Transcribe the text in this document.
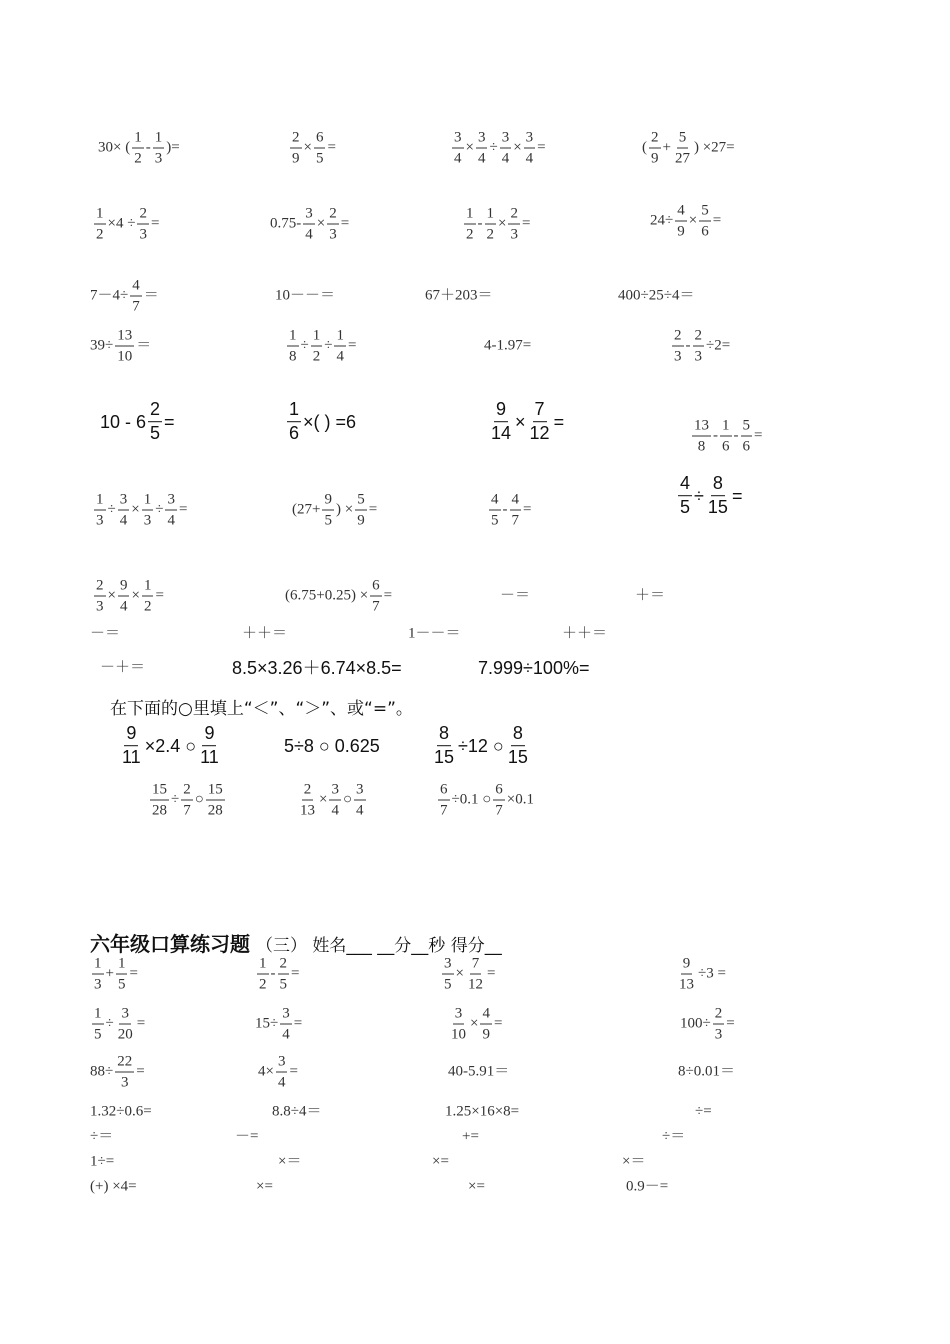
30× ( $\frac{1}{2} - \frac{1}{3}$ )=	$\frac{2}{9} \times \frac{6}{5}$ =	$\frac{3}{4} \times \frac{3}{4} \div \frac{3}{4} \times \frac{3}{4}$ =	( $\frac{2}{9} + \frac{5}{27}$ ) ×27=
$\frac{1}{2} \times 4 \div \frac{2}{3}$ =	$0.75- \frac{3}{4} \times \frac{2}{3}$ =	$\frac{1}{2} - \frac{1}{2} \times \frac{2}{3}$ =	$24\div \frac{4}{9} \times \frac{5}{6}$ =
$7-4\div \frac{4}{7}$ ＝	10－－＝	67＋203＝	400÷25÷4＝
$39\div \frac{13}{10}$ ＝	$\frac{1}{8} \div \frac{1}{2} \div \frac{1}{4}$ =	4-1.97=	$\frac{2}{3} - \frac{2}{3} \div 2=$
$10 - 6 \frac{2}{5}$ =	$\frac{1}{6}$ ×( ) =6	$\frac{9}{14} \times \frac{7}{12}$ =	$\frac{13}{8} - \frac{1}{6} - \frac{5}{6}$ =
$\frac{1}{3} \div \frac{3}{4} \times \frac{1}{3} \div \frac{3}{4}$ =	($27+ \frac{9}{5}$ ) × $\frac{5}{9}$ =	$\frac{4}{5} - \frac{4}{7}$ =	$\frac{4}{5} \div \frac{8}{15}$ =
$\frac{2}{3} \times \frac{9}{4} \times \frac{1}{2}$ =	$(6.75+0.25) \times \frac{6}{7}$ =	－＝	＋＝
－＝	＋＋＝	1－－＝	＋＋＝
－＋＝	8.5×3.26＋6.74×8.5=	7.999÷100%=
$\frac{9}{11} \times 2.4$ ○ $\frac{9}{11}$	5÷8 ○ 0.625	$\frac{8}{15} \div 12$ ○ $\frac{8}{15}$
$\frac{15}{28} \div \frac{2}{7}$ ○ $\frac{15}{28}$	$\frac{2}{13} \times \frac{3}{4}$ ○ $\frac{3}{4}$	$\frac{6}{7} \div 0.1$ ○ $\frac{6}{7} \times 0.1$
$\frac{1}{3} + \frac{1}{5}$ =	$\frac{1}{2} - \frac{2}{5}$ =	$\frac{3}{5} \times \frac{7}{12}$ =	$\frac{9}{13} \div 3$ =
$\frac{1}{5} \div \frac{3}{20}$ =	$15\div \frac{3}{4}$ =	$\frac{3}{10} \times \frac{4}{9}$ =	$100\div \frac{2}{3}$ =
$88\div \frac{22}{3}$ =	$4\times \frac{3}{4}$ =	40-5.91＝	8÷0.01＝
1.32÷0.6=	8.8÷4＝	1.25×16×8=	÷=
÷＝	－=	+=	÷＝
1÷=	×＝	×=	×＝
(+) ×4=	×=	×=	0.9－=
在下面的○里填上“＜”、“＞”、或“=”。
六年级口算练习题 （三） 姓名___ __分__秒 得分__
